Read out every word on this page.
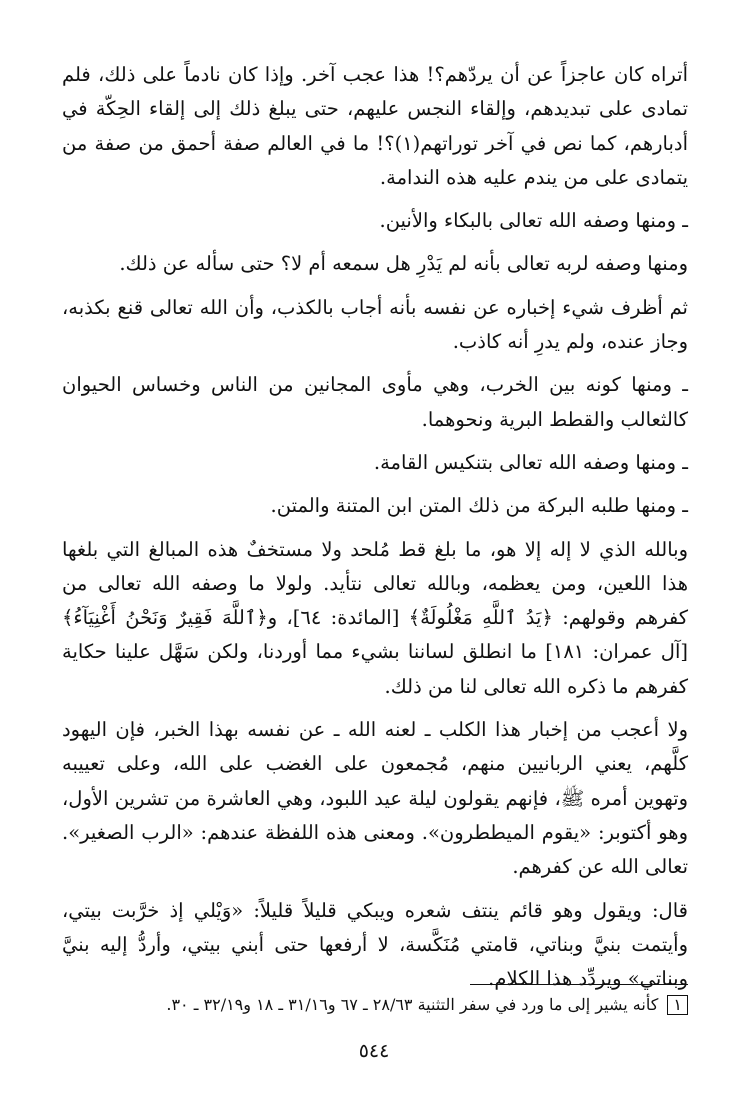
أتراه كان عاجزاً عن أن يردّهم؟! هذا عجب آخر. وإذا كان نادماً على ذلك، فلم تمادى على تبديدهم، وإلقاء النجس عليهم، حتى يبلغ ذلك إلى إلقاء الحِكّة في أدبارهم، كما نص في آخر توراتهم(١)؟! ما في العالم صفة أحمق من صفة من يتمادى على من يندم عليه هذه الندامة.

ـ ومنها وصفه الله تعالى بالبكاء والأنين.

ومنها وصفه لربه تعالى بأنه لم يَدْرِ هل سمعه أم لا؟ حتى سأله عن ذلك.

ثم أظرف شيء إخباره عن نفسه بأنه أجاب بالكذب، وأن الله تعالى قنع بكذبه، وجاز عنده، ولم يدرِ أنه كاذب.

ـ ومنها كونه بين الخرب، وهي مأوى المجانين من الناس وخساس الحيوان كالثعالب والقطط البرية ونحوهما.

ـ ومنها وصفه الله تعالى بتنكيس القامة.

ـ ومنها طلبه البركة من ذلك المتن ابن المتنة والمتن.

وبالله الذي لا إله إلا هو، ما بلغ قط مُلحد ولا مستخفٌ هذه المبالغ التي بلغها هذا اللعين، ومن يعظمه، وبالله تعالى نتأيد. ولولا ما وصفه الله تعالى من كفرهم وقولهم: ﴿يَدُ ٱللَّهِ مَغْلُولَةٌ﴾ [المائدة: ٦٤]، و﴿ٱللَّهَ فَقِيرٌ وَنَحْنُ أَغْنِيَآءُ﴾ [آل عمران: ١٨١] ما انطلق لساننا بشيء مما أوردنا، ولكن سَهَّل علينا حكاية كفرهم ما ذكره الله تعالى لنا من ذلك.

ولا أعجب من إخبار هذا الكلب ـ لعنه الله ـ عن نفسه بهذا الخبر، فإن اليهود كلَّهم، يعني الربانيين منهم، مُجمعون على الغضب على الله، وعلى تعييبه وتهوين أمره ﷺ، فإنهم يقولون ليلة عيد اللبود، وهي العاشرة من تشرين الأول، وهو أكتوبر: «يقوم الميططرون». ومعنى هذه اللفظة عندهم: «الرب الصغير». تعالى الله عن كفرهم.

قال: ويقول وهو قائم ينتف شعره ويبكي قليلاً قليلاً: «وَيْلي إذ خرَّبت بيتي، وأيتمت بنيَّ وبناتي، قامتي مُنَكَّسة، لا أرفعها حتى أبني بيتي، وأردُّ إليه بنيَّ وبناتي» ويردِّد هذا الكلام.

١ كأنه يشير إلى ما ورد في سفر التثنية ٢٨/٦٣ ـ ٦٧ و٣١/١٦ ـ ١٨ و٣٢/١٩ ـ ٣٠.
٥٤٤
